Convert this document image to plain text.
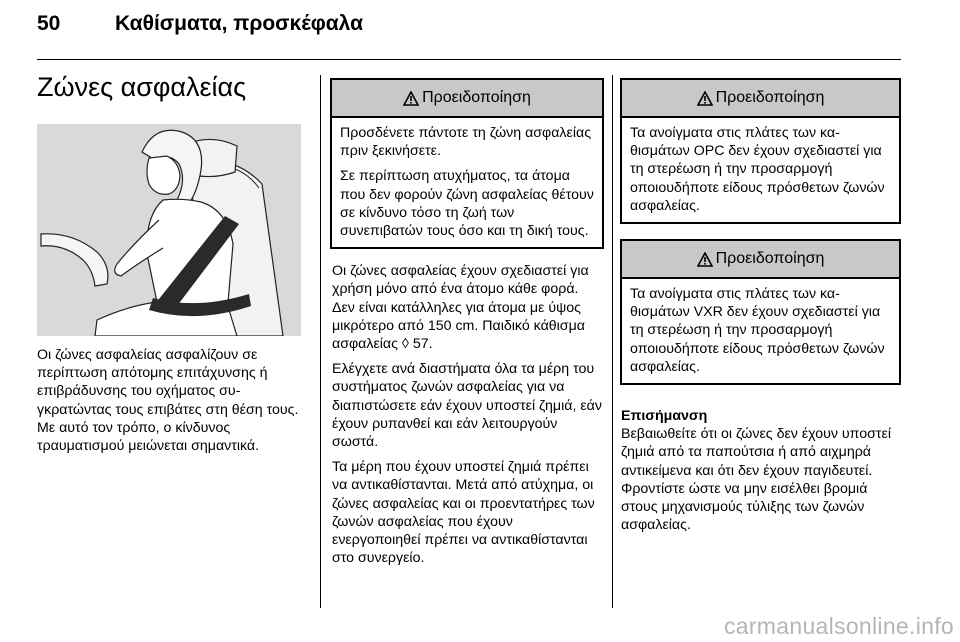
50	Καθίσματα, προσκέφαλα
Ζώνες ασφαλείας

Οι ζώνες ασφαλείας ασφαλίζουν σε περίπτωση απότομης επιτάχυνσης ή επιβράδυνσης του οχήματος συγκρατώντας τους επιβάτες στη θέση τους. Με αυτό τον τρόπο, ο κίνδυνος τραυματισμού μειώνεται σημαντικά.

Προειδοποίηση

Προσδένετε πάντοτε τη ζώνη ασφαλείας πριν ξεκινήσετε.

Σε περίπτωση ατυχήματος, τα άτομα που δεν φορούν ζώνη ασφαλείας θέτουν σε κίνδυνο τόσο τη ζωή των συνεπιβατών τους όσο και τη δική τους.

Οι ζώνες ασφαλείας έχουν σχεδιαστεί για χρήση μόνο από ένα άτομο κάθε φορά. Δεν είναι κατάλληλες για άτομα με ύψος μικρότερο από 150 cm. Παιδικό κάθισμα ασφαλείας ◊ 57.

Ελέγχετε ανά διαστήματα όλα τα μέρη του συστήματος ζωνών ασφαλείας για να διαπιστώσετε εάν έχουν υποστεί ζημιά, εάν έχουν ρυπανθεί και εάν λειτουργούν σωστά.

Τα μέρη που έχουν υποστεί ζημιά πρέπει να αντικαθίστανται. Μετά από ατύχημα, οι ζώνες ασφαλείας και οι προεντατήρες των ζωνών ασφαλείας που έχουν ενεργοποιηθεί πρέπει να αντικαθίστανται στο συνεργείο.

Προειδοποίηση

Τα ανοίγματα στις πλάτες των καθισμάτων OPC δεν έχουν σχεδιαστεί για τη στερέωση ή την προσαρμογή οποιουδήποτε είδους πρόσθετων ζωνών ασφαλείας.

Προειδοποίηση

Τα ανοίγματα στις πλάτες των καθισμάτων VXR δεν έχουν σχεδιαστεί για τη στερέωση ή την προσαρμογή οποιουδήποτε είδους πρόσθετων ζωνών ασφαλείας.

Επισήμανση

Βεβαιωθείτε ότι οι ζώνες δεν έχουν υποστεί ζημιά από τα παπούτσια ή από αιχμηρά αντικείμενα και ότι δεν έχουν παγιδευτεί. Φροντίστε ώστε να μην εισέλθει βρομιά στους μηχανισμούς τύλιξης των ζωνών ασφαλείας.

carmanualsonline.info
